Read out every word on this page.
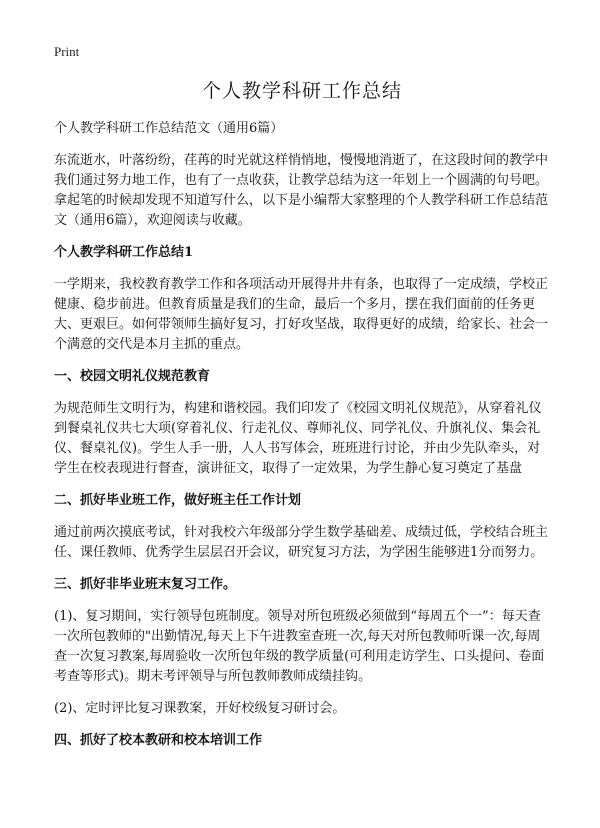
Print
个人教学科研工作总结

个人教学科研工作总结范文（通用6篇）

东流逝水，叶落纷纷，荏苒的时光就这样悄悄地，慢慢地消逝了，在这段时间的教学中我们通过努力地工作，也有了一点收获，让教学总结为这一年划上一个圆满的句号吧。拿起笔的时候却发现不知道写什么，以下是小编帮大家整理的个人教学科研工作总结范文（通用6篇），欢迎阅读与收藏。

个人教学科研工作总结1

一学期来，我校教育教学工作和各项活动开展得井井有条，也取得了一定成绩，学校正健康、稳步前进。但教育质量是我们的生命，最后一个多月，摆在我们面前的任务更大、更艰巨。如何带领师生搞好复习，打好攻坚战，取得更好的成绩，给家长、社会一个满意的交代是本月主抓的重点。

一、校园文明礼仪规范教育

为规范师生文明行为，构建和谐校园。我们印发了《校园文明礼仪规范》，从穿着礼仪到餐桌礼仪共七大项(穿着礼仪、行走礼仪、尊师礼仪、同学礼仪、升旗礼仪、集会礼仪、餐桌礼仪)。学生人手一册，人人书写体会，班班进行讨论，并由少先队牵头，对学生在校表现进行督查，演讲征文，取得了一定效果，为学生静心复习奠定了基盘

二、抓好毕业班工作，做好班主任工作计划

通过前两次摸底考试，针对我校六年级部分学生数学基础差、成绩过低，学校结合班主任、课任教师、优秀学生层层召开会议，研究复习方法，为学困生能够进1分而努力。

三、抓好非毕业班末复习工作。

(1)、复习期间，实行领导包班制度。领导对所包班级必须做到“每周五个一”：每天查一次所包教师的"出勤情况,每天上下午进教室查班一次,每天对所包教师听课一次,每周查一次复习教案,每周验收一次所包年级的教学质量(可利用走访学生、口头提问、卷面考查等形式)。期末考评领导与所包教师教师成绩挂钩。

(2)、定时评比复习课教案，开好校级复习研讨会。

四、抓好了校本教研和校本培训工作
